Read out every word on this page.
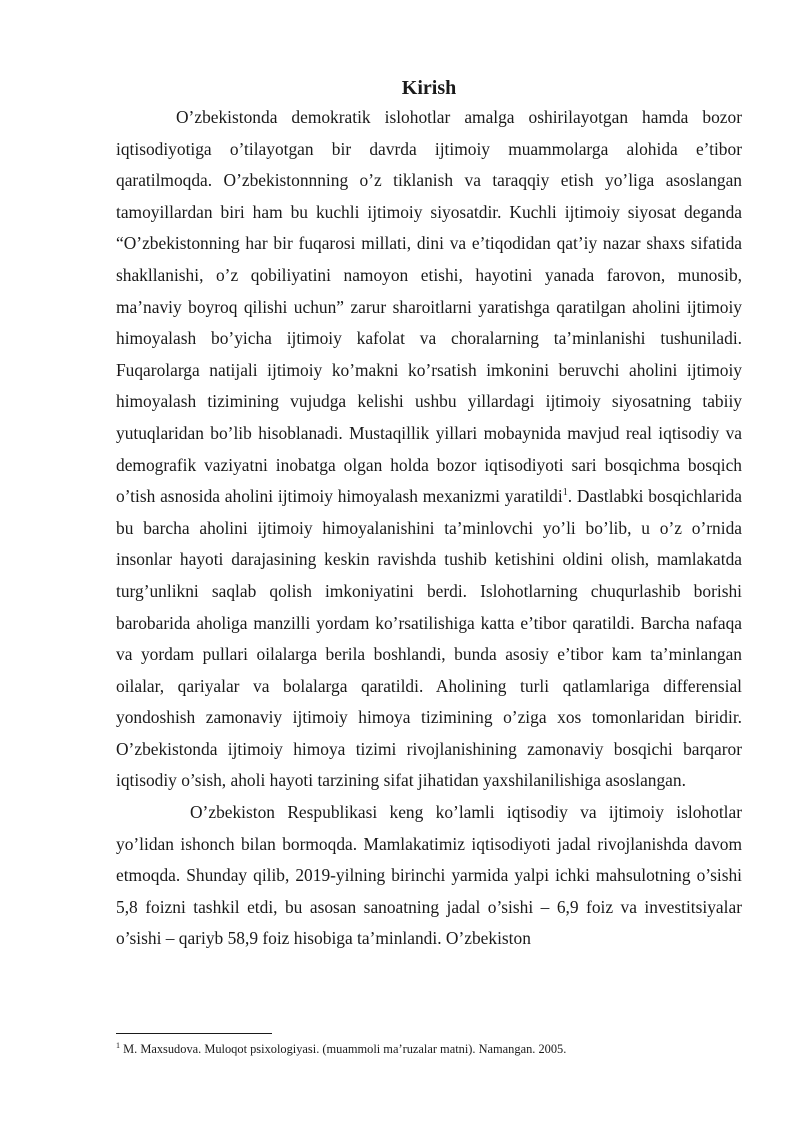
Kirish

O’zbekistonda demokratik islohotlar amalga oshirilayotgan hamda bozor iqtisodiyotiga o’tilayotgan bir davrda ijtimoiy muammolarga alohida e’tibor qaratilmoqda. O’zbekistonnning o’z tiklanish va taraqqiy etish yo’liga asoslangan tamoyillardan biri ham bu kuchli ijtimoiy siyosatdir. Kuchli ijtimoiy siyosat deganda “O’zbekistonning har bir fuqarosi millati, dini va e’tiqodidan qat’iy nazar shaxs sifatida shakllanishi, o’z qobiliyatini namoyon etishi, hayotini yanada farovon, munosib, ma’naviy boyroq qilishi uchun” zarur sharoitlarni yaratishga qaratilgan aholini ijtimoiy himoyalash bo’yicha ijtimoiy kafolat va choralarning ta’minlanishi tushuniladi. Fuqarolarga natijali ijtimoiy ko’makni ko’rsatish imkonini beruvchi aholini ijtimoiy himoyalash tizimining vujudga kelishi ushbu yillardagi ijtimoiy siyosatning tabiiy yutuqlaridan bo’lib hisoblanadi. Mustaqillik yillari mobaynida mavjud real iqtisodiy va demografik vaziyatni inobatga olgan holda bozor iqtisodiyoti sari bosqichma bosqich o’tish asnosida aholini ijtimoiy himoyalash mexanizmi yaratildi$^1$. Dastlabki bosqichlarida bu barcha aholini ijtimoiy himoyalanishini ta’minlovchi yo’li bo’lib, u o’z o’rnida insonlar hayoti darajasining keskin ravishda tushib ketishini oldini olish, mamlakatda turg’unlikni saqlab qolish imkoniyatini berdi. Islohotlarning chuqurlashib borishi barobarida aholiga manzilli yordam ko’rsatilishiga katta e’tibor qaratildi. Barcha nafaqa va yordam pullari oilalarga berila boshlandi, bunda asosiy e’tibor kam ta’minlangan oilalar, qariyalar va bolalarga qaratildi. Aholining turli qatlamlariga differensial yondoshish zamonaviy ijtimoiy himoya tizimining o’ziga xos tomonlaridan biridir. O’zbekistonda ijtimoiy himoya tizimi rivojlanishining zamonaviy bosqichi barqaror iqtisodiy o’sish, aholi hayoti tarzining sifat jihatidan yaxshilanilishiga asoslangan.

O’zbekiston Respublikasi keng ko’lamli iqtisodiy va ijtimoiy islohotlar yo’lidan ishonch bilan bormoqda. Mamlakatimiz iqtisodiyoti jadal rivojlanishda davom etmoqda. Shunday qilib, 2019-yilning birinchi yarmida yalpi ichki mahsulotning o’sishi 5,8 foizni tashkil etdi, bu asosan sanoatning jadal o’sishi – 6,9 foiz va investitsiyalar o’sishi – qariyb 58,9 foiz hisobiga ta’minlandi. O’zbekiston

$^1$ M. Maxsudova. Muloqot psixologiyasi. (muammoli ma’ruzalar matni). Namangan. 2005.
